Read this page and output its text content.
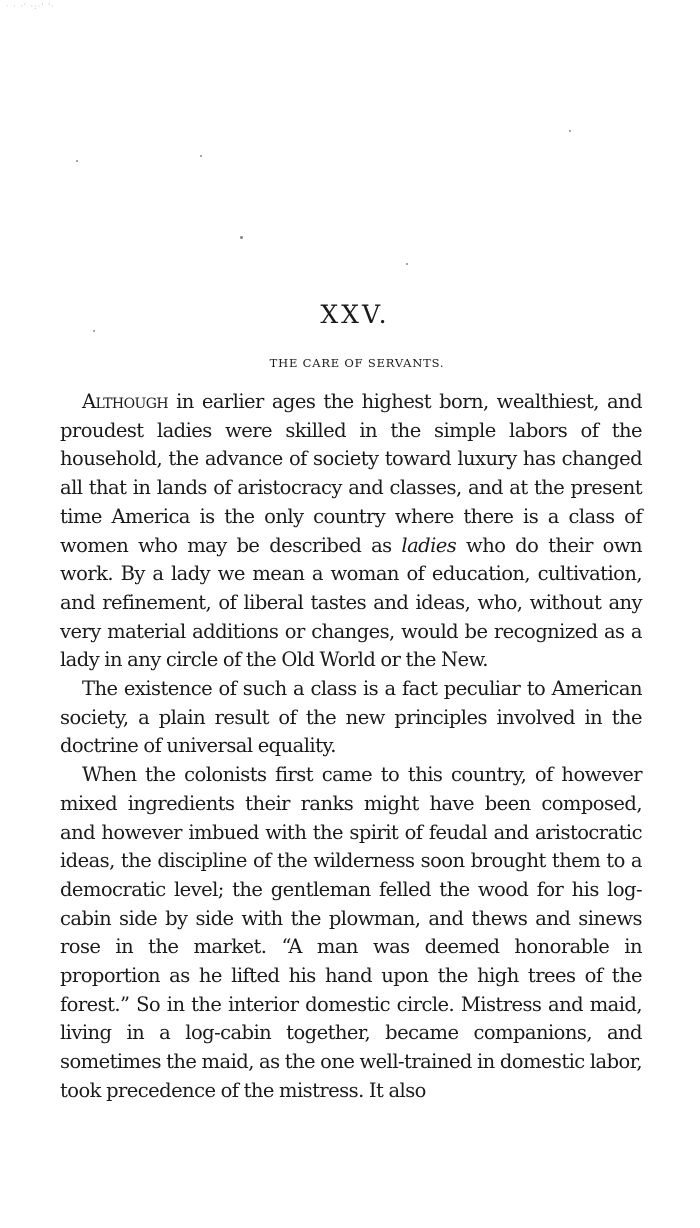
· · ·' ·:·' '·
XXV.
THE CARE OF SERVANTS.

Although in earlier ages the highest born, wealthiest, and proudest ladies were skilled in the simple labors of the household, the advance of society toward luxury has changed all that in lands of aristocracy and classes, and at the present time America is the only country where there is a class of women who may be described as ladies who do their own work. By a lady we mean a woman of education, cultivation, and refinement, of liberal tastes and ideas, who, without any very material additions or changes, would be recognized as a lady in any circle of the Old World or the New.

The existence of such a class is a fact peculiar to American society, a plain result of the new principles involved in the doctrine of universal equality.

When the colonists first came to this country, of however mixed ingredients their ranks might have been composed, and however imbued with the spirit of feudal and aristocratic ideas, the discipline of the wilderness soon brought them to a democratic level; the gentleman felled the wood for his log-cabin side by side with the plowman, and thews and sinews rose in the market. “A man was deemed honorable in proportion as he lifted his hand upon the high trees of the forest.” So in the interior domestic circle. Mistress and maid, living in a log-cabin together, became companions, and sometimes the maid, as the one well-trained in domestic labor, took precedence of the mistress. It also
